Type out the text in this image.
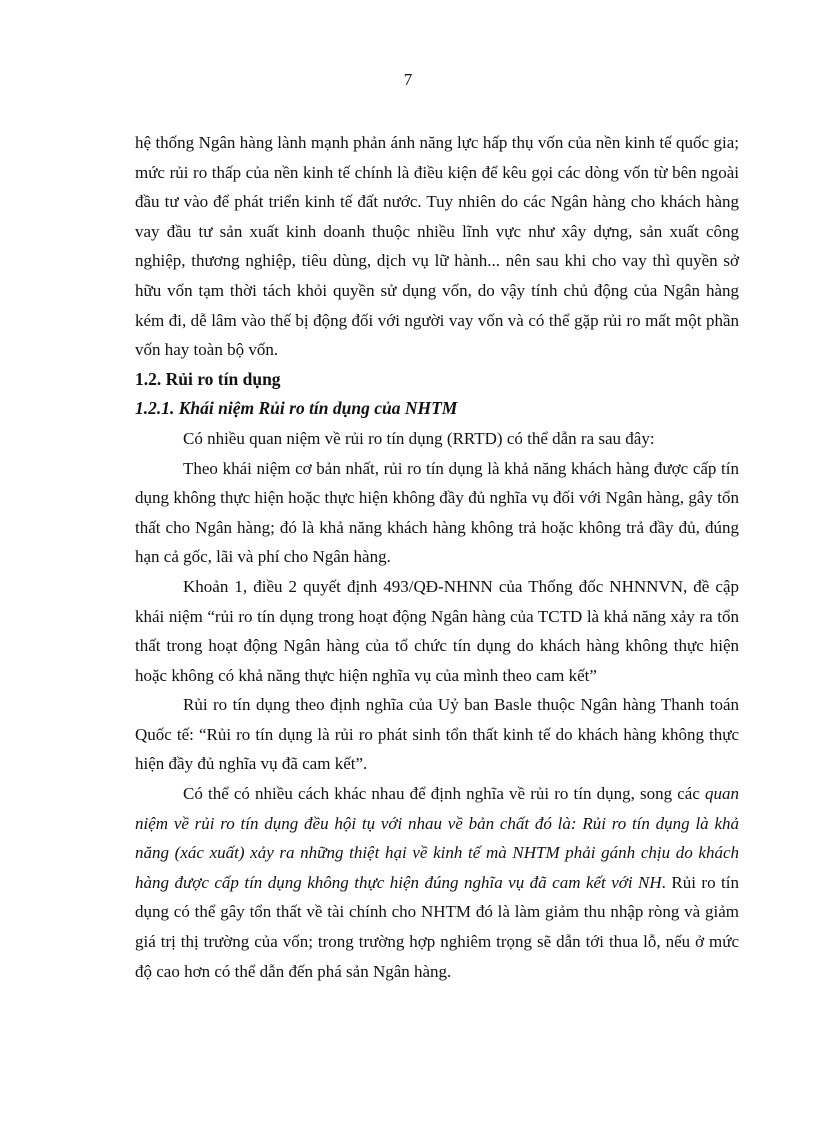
7

hệ thống Ngân hàng lành mạnh phản ánh năng lực hấp thụ vốn của nền kinh tế quốc gia; mức rủi ro thấp của nền kinh tế chính là điều kiện để kêu gọi các dòng vốn từ bên ngoài đầu tư vào để phát triển kinh tế đất nước. Tuy nhiên do các Ngân hàng cho khách hàng vay đầu tư sản xuất kinh doanh thuộc nhiều lĩnh vực như xây dựng, sản xuất công nghiệp, thương nghiệp, tiêu dùng, dịch vụ lữ hành... nên sau khi cho vay thì quyền sở hữu vốn tạm thời tách khỏi quyền sử dụng vốn, do vậy tính chủ động của Ngân hàng kém đi, dễ lâm vào thế bị động đối với người vay vốn và có thể gặp rủi ro mất một phần vốn hay toàn bộ vốn.

1.2. Rủi ro tín dụng

1.2.1. Khái niệm Rủi ro tín dụng của NHTM

Có nhiều quan niệm về rủi ro tín dụng (RRTD) có thể dẫn ra sau đây:

Theo khái niệm cơ bản nhất, rủi ro tín dụng là khả năng khách hàng được cấp tín dụng không thực hiện hoặc thực hiện không đầy đủ nghĩa vụ đối với Ngân hàng, gây tổn thất cho Ngân hàng; đó là khả năng khách hàng không trả hoặc không trả đầy đủ, đúng hạn cả gốc, lãi và phí cho Ngân hàng.

Khoản 1, điều 2 quyết định 493/QĐ-NHNN của Thống đốc NHNNVN, đề cập khái niệm “rủi ro tín dụng trong hoạt động Ngân hàng của TCTD là khả năng xảy ra tổn thất trong hoạt động Ngân hàng của tổ chức tín dụng do khách hàng không thực hiện hoặc không có khả năng thực hiện nghĩa vụ của mình theo cam kết”

Rủi ro tín dụng theo định nghĩa của Uỷ ban Basle thuộc Ngân hàng Thanh toán Quốc tế: “Rủi ro tín dụng là rủi ro phát sinh tổn thất kinh tế do khách hàng không thực hiện đầy đủ nghĩa vụ đã cam kết”.

Có thể có nhiều cách khác nhau để định nghĩa về rủi ro tín dụng, song các quan niệm về rủi ro tín dụng đều hội tụ với nhau về bản chất đó là: Rủi ro tín dụng là khả năng (xác xuất) xảy ra những thiệt hại về kinh tế mà NHTM phải gánh chịu do khách hàng được cấp tín dụng không thực hiện đúng nghĩa vụ đã cam kết với NH. Rủi ro tín dụng có thể gây tổn thất về tài chính cho NHTM đó là làm giảm thu nhập ròng và giảm giá trị thị trường của vốn; trong trường hợp nghiêm trọng sẽ dẫn tới thua lỗ, nếu ở mức độ cao hơn có thể dẫn đến phá sản Ngân hàng.
